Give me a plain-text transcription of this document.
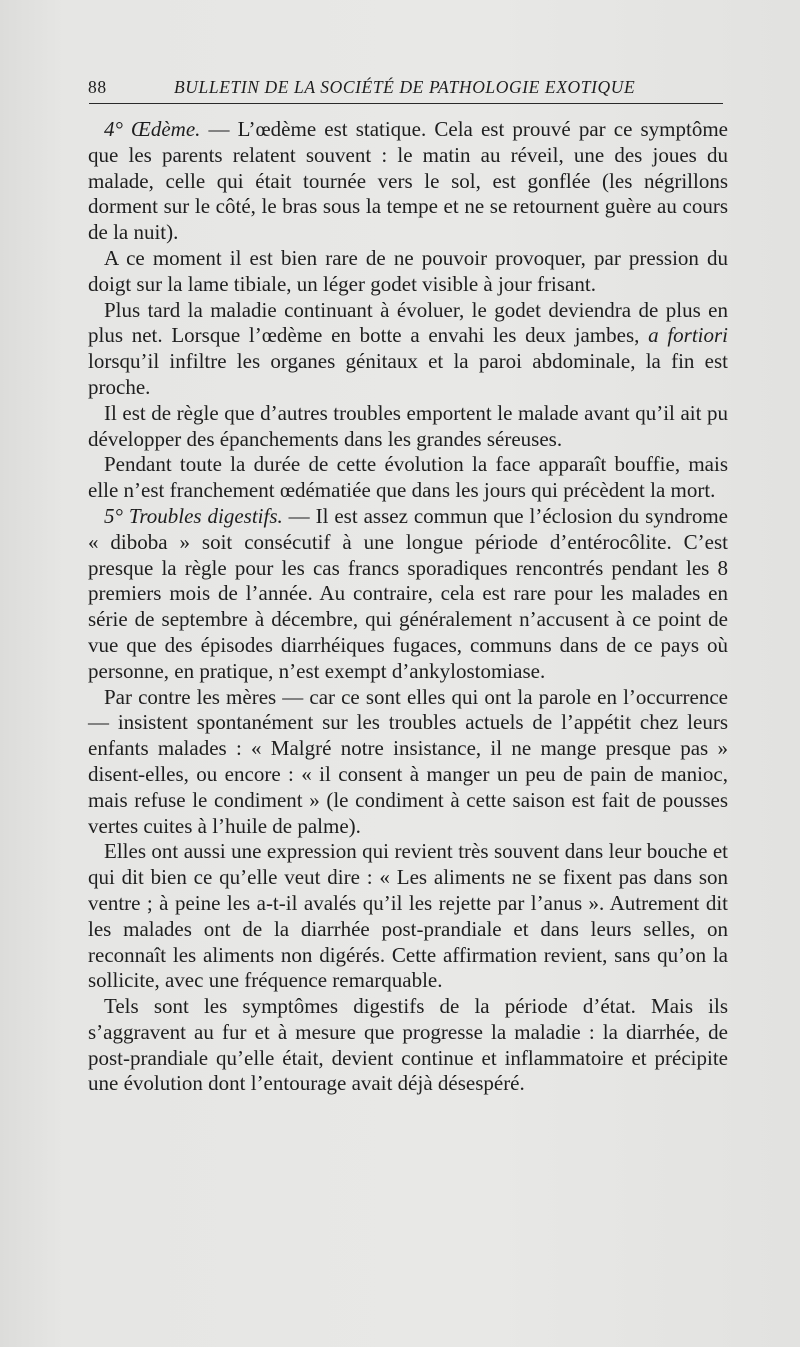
88	BULLETIN DE LA SOCIÉTÉ DE PATHOLOGIE EXOTIQUE

4° Œdème. — L’œdème est statique. Cela est prouvé par ce symptôme que les parents relatent souvent : le matin au réveil, une des joues du malade, celle qui était tournée vers le sol, est gonflée (les négrillons dorment sur le côté, le bras sous la tempe et ne se retournent guère au cours de la nuit).

A ce moment il est bien rare de ne pouvoir provoquer, par pression du doigt sur la lame tibiale, un léger godet visible à jour frisant.

Plus tard la maladie continuant à évoluer, le godet deviendra de plus en plus net. Lorsque l’œdème en botte a envahi les deux jambes, a fortiori lorsqu’il infiltre les organes génitaux et la paroi abdominale, la fin est proche.

Il est de règle que d’autres troubles emportent le malade avant qu’il ait pu développer des épanchements dans les grandes séreuses.

Pendant toute la durée de cette évolution la face apparaît bouffie, mais elle n’est franchement œdématiée que dans les jours qui précèdent la mort.

5° Troubles digestifs. — Il est assez commun que l’éclosion du syndrome « diboba » soit consécutif à une longue période d’entérocôlite. C’est presque la règle pour les cas francs sporadiques rencontrés pendant les 8 premiers mois de l’année. Au contraire, cela est rare pour les malades en série de septembre à décembre, qui généralement n’accusent à ce point de vue que des épisodes diarrhéiques fugaces, communs dans de ce pays où personne, en pratique, n’est exempt d’ankylostomiase.

Par contre les mères — car ce sont elles qui ont la parole en l’occurrence — insistent spontanément sur les troubles actuels de l’appétit chez leurs enfants malades : « Malgré notre insistance, il ne mange presque pas » disent-elles, ou encore : « il consent à manger un peu de pain de manioc, mais refuse le condiment » (le condiment à cette saison est fait de pousses vertes cuites à l’huile de palme).

Elles ont aussi une expression qui revient très souvent dans leur bouche et qui dit bien ce qu’elle veut dire : « Les aliments ne se fixent pas dans son ventre ; à peine les a-t-il avalés qu’il les rejette par l’anus ». Autrement dit les malades ont de la diarrhée post-prandiale et dans leurs selles, on reconnaît les aliments non digérés. Cette affirmation revient, sans qu’on la sollicite, avec une fréquence remarquable.

Tels sont les symptômes digestifs de la période d’état. Mais ils s’aggravent au fur et à mesure que progresse la maladie : la diarrhée, de post-prandiale qu’elle était, devient continue et inflammatoire et précipite une évolution dont l’entourage avait déjà désespéré.
